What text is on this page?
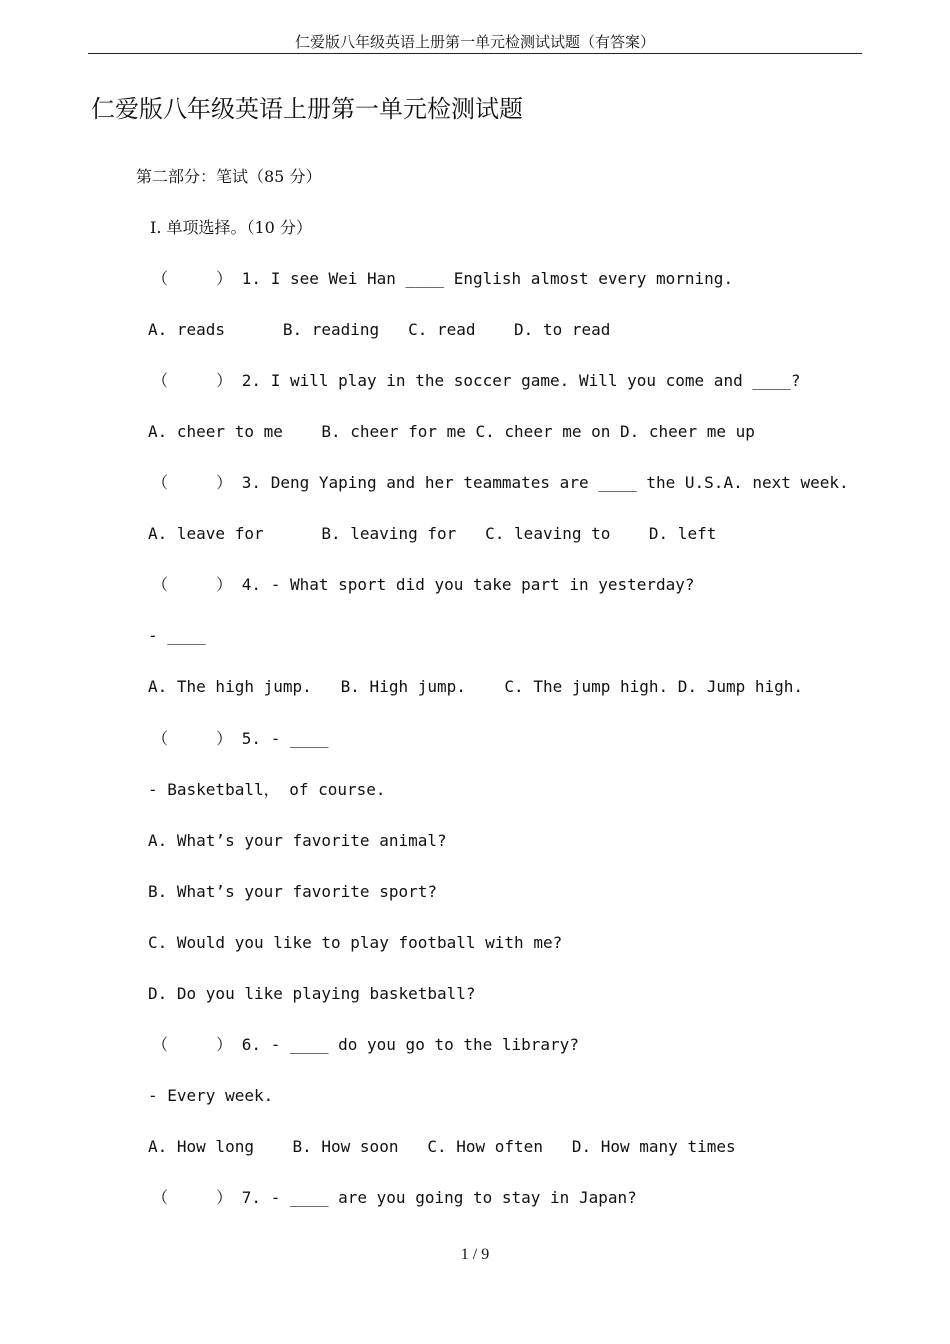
仁爱版八年级英语上册第一单元检测试试题（有答案）
仁爱版八年级英语上册第一单元检测试题
第二部分：笔试（85 分）
Ⅰ. 单项选择。（10 分）
（     ） 1. I see Wei Han ____ English almost every morning.
A. reads      B. reading   C. read    D. to read
（     ） 2. I will play in the soccer game. Will you come and ____?
A. cheer to me    B. cheer for me C. cheer me on D. cheer me up
（     ） 3. Deng Yaping and her teammates are ____ the U.S.A. next week.
A. leave for      B. leaving for   C. leaving to    D. left
（     ） 4. - What sport did you take part in yesterday?
- ____
A. The high jump.   B. High jump.    C. The jump high. D. Jump high.
（     ） 5. - ____
- Basketball， of course.
A. What’s your favorite animal?
B. What’s your favorite sport?
C. Would you like to play football with me?
D. Do you like playing basketball?
（     ） 6. - ____ do you go to the library?
- Every week.
A. How long    B. How soon   C. How often   D. How many times
（     ） 7. - ____ are you going to stay in Japan?
1 / 9
